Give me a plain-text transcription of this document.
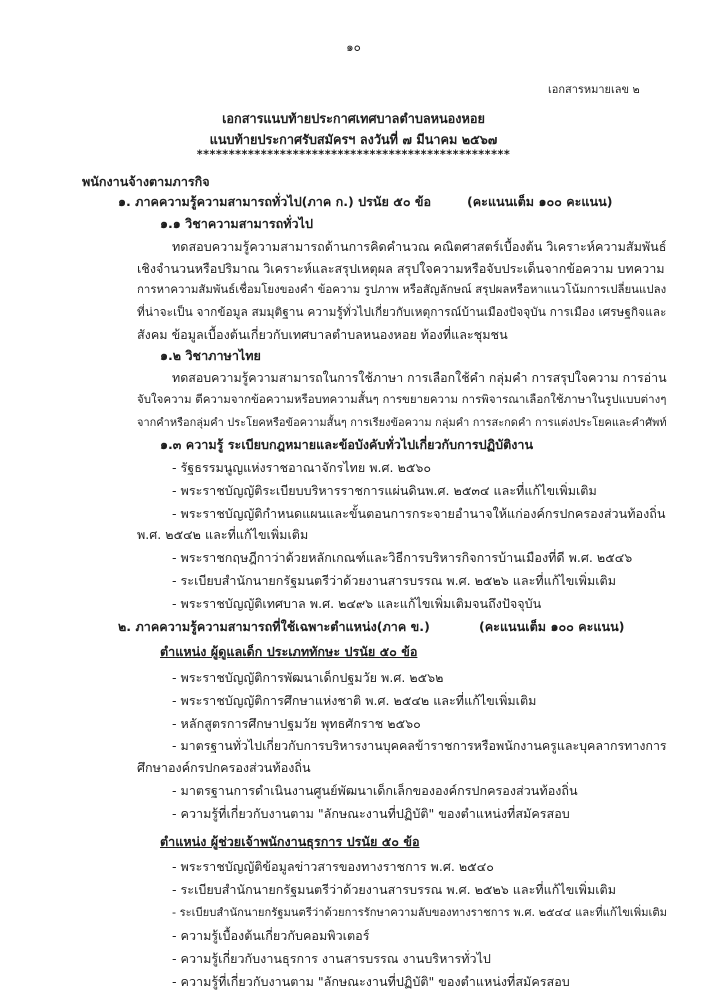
๑๐
เอกสารหมายเลข ๒
เอกสารแนบท้ายประกาศเทศบาลตำบลหนองหอย
แนบท้ายประกาศรับสมัครฯ ลงวันที่ ๗ มีนาคม ๒๕๖๗
*************************************************
พนักงานจ้างตามภารกิจ
๑. ภาคความรู้ความสามารถทั่วไป(ภาค ก.) ปรนัย ๕๐ ข้อ	(คะแนนเต็ม ๑๐๐ คะแนน)
๑.๑ วิชาความสามารถทั่วไป
ทดสอบความรู้ความสามารถด้านการคิดคำนวณ คณิตศาสตร์เบื้องต้น วิเคราะห์ความสัมพันธ์
เชิงจำนวนหรือปริมาณ วิเคราะห์และสรุปเหตุผล สรุปใจความหรือจับประเด็นจากข้อความ บทความ
การหาความสัมพันธ์เชื่อมโยงของคำ ข้อความ รูปภาพ หรือสัญลักษณ์ สรุปผลหรือหาแนวโน้มการเปลี่ยนแปลง
ที่น่าจะเป็น จากข้อมูล สมมุติฐาน ความรู้ทั่วไปเกี่ยวกับเหตุการณ์บ้านเมืองปัจจุบัน การเมือง เศรษฐกิจและ
สังคม ข้อมูลเบื้องต้นเกี่ยวกับเทศบาลตำบลหนองหอย ท้องที่และชุมชน
๑.๒ วิชาภาษาไทย
ทดสอบความรู้ความสามารถในการใช้ภาษา การเลือกใช้คำ กลุ่มคำ การสรุปใจความ การอ่าน
จับใจความ ตีความจากข้อความหรือบทความสั้นๆ การขยายความ การพิจารณาเลือกใช้ภาษาในรูปแบบต่างๆ
จากคำหรือกลุ่มคำ ประโยคหรือข้อความสั้นๆ การเรียงข้อความ กลุ่มคำ การสะกดคำ การแต่งประโยคและคำศัพท์
๑.๓ ความรู้ ระเบียบกฎหมายและข้อบังคับทั่วไปเกี่ยวกับการปฏิบัติงาน
- รัฐธรรมนูญแห่งราชอาณาจักรไทย พ.ศ. ๒๕๖๐
- พระราชบัญญัติระเบียบบริหารราชการแผ่นดินพ.ศ. ๒๕๓๔ และที่แก้ไขเพิ่มเติม
- พระราชบัญญัติกำหนดแผนและขั้นตอนการกระจายอำนาจให้แก่องค์กรปกครองส่วนท้องถิ่น
พ.ศ. ๒๕๔๒ และที่แก้ไขเพิ่มเติม
- พระราชกฤษฎีกาว่าด้วยหลักเกณฑ์และวิธีการบริหารกิจการบ้านเมืองที่ดี พ.ศ. ๒๕๔๖
- ระเบียบสำนักนายกรัฐมนตรีว่าด้วยงานสารบรรณ พ.ศ. ๒๕๒๖ และที่แก้ไขเพิ่มเติม
- พระราชบัญญัติเทศบาล พ.ศ. ๒๔๙๖ และแก้ไขเพิ่มเติมจนถึงปัจจุบัน
๒. ภาคความรู้ความสามารถที่ใช้เฉพาะตำแหน่ง(ภาค ข.)	(คะแนนเต็ม ๑๐๐ คะแนน)
ตำแหน่ง ผู้ดูแลเด็ก ประเภททักษะ ปรนัย ๕๐ ข้อ
- พระราชบัญญัติการพัฒนาเด็กปฐมวัย พ.ศ. ๒๕๖๒
- พระราชบัญญัติการศึกษาแห่งชาติ พ.ศ. ๒๕๔๒ และที่แก้ไขเพิ่มเติม
- หลักสูตรการศึกษาปฐมวัย พุทธศักราช ๒๕๖๐
- มาตรฐานทั่วไปเกี่ยวกับการบริหารงานบุคคลข้าราชการหรือพนักงานครูและบุคลากรทางการ
ศึกษาองค์กรปกครองส่วนท้องถิ่น
- มาตรฐานการดำเนินงานศูนย์พัฒนาเด็กเล็กขององค์กรปกครองส่วนท้องถิ่น
- ความรู้ที่เกี่ยวกับงานตาม "ลักษณะงานที่ปฏิบัติ" ของตำแหน่งที่สมัครสอบ
ตำแหน่ง ผู้ช่วยเจ้าพนักงานธุรการ ปรนัย ๕๐ ข้อ
- พระราชบัญญัติข้อมูลข่าวสารของทางราชการ พ.ศ. ๒๕๔๐
- ระเบียบสำนักนายกรัฐมนตรีว่าด้วยงานสารบรรณ พ.ศ. ๒๕๒๖ และที่แก้ไขเพิ่มเติม
- ระเบียบสำนักนายกรัฐมนตรีว่าด้วยการรักษาความลับของทางราชการ พ.ศ. ๒๕๔๔ และที่แก้ไขเพิ่มเติม
- ความรู้เบื้องต้นเกี่ยวกับคอมพิวเตอร์
- ความรู้เกี่ยวกับงานธุรการ งานสารบรรณ งานบริหารทั่วไป
- ความรู้ที่เกี่ยวกับงานตาม "ลักษณะงานที่ปฏิบัติ" ของตำแหน่งที่สมัครสอบ
